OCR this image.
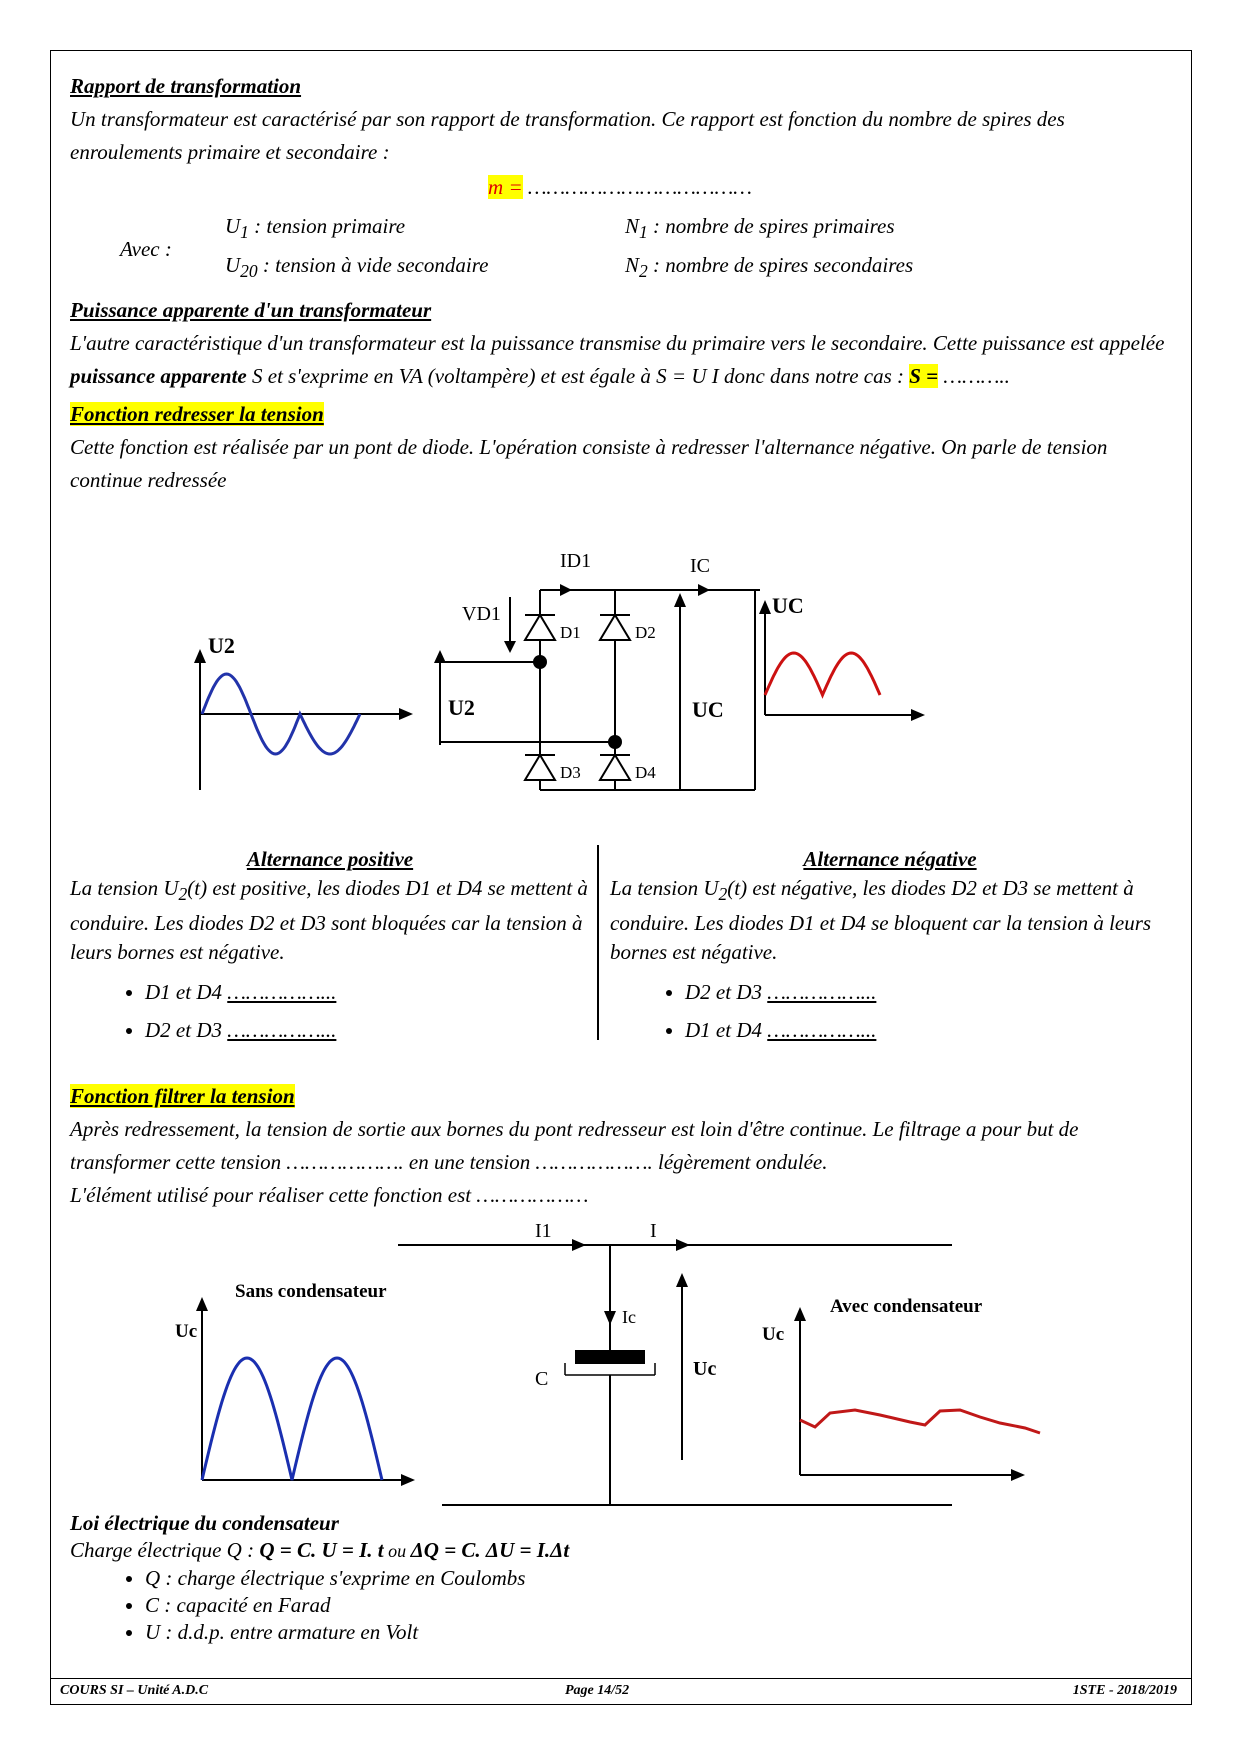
Rapport de transformation

Un transformateur est caractérisé par son rapport de transformation. Ce rapport est fonction du nombre de spires des enroulements primaire et secondaire :

m = ………………………………

Avec :
$U_1$ : tension primaire	$N_1$ : nombre de spires primaires
$U_{20}$ : tension à vide secondaire	$N_2$ : nombre de spires secondaires

Puissance apparente d'un transformateur

L'autre caractéristique d'un transformateur est la puissance transmise du primaire vers le secondaire. Cette puissance est appelée puissance apparente S et s'exprime en VA (voltampère) et est égale à S = U I donc dans notre cas : S = ………..

Fonction redresser la tension

Cette fonction est réalisée par un pont de diode. L'opération consiste à redresser l'alternance négative. On parle de tension continue redressée

U2
ID1	IC
VD1
D1	D2
D3	D4
U2	UC
UC
Alternance positive
La tension $U_2(t)$ est positive, les diodes D1 et D4 se mettent à conduire. Les diodes D2 et D3 sont bloquées car la tension à leurs bornes est négative.
• D1 et D4 ……………...
• D2 et D3 ……………...
Alternance négative
La tension $U_2(t)$ est négative, les diodes D2 et D3 se mettent à conduire. Les diodes D1 et D4 se bloquent car la tension à leurs bornes est négative.
• D2 et D3 ……………...
• D1 et D4 ……………...

Fonction filtrer la tension

Après redressement, la tension de sortie aux bornes du pont redresseur est loin d'être continue. Le filtrage a pour but de transformer cette tension ………………. en une tension ………………. légèrement ondulée.

L'élément utilisé pour réaliser cette fonction est ………………

I1	I
Ic
C	Uc
Sans condensateur
Uc
Avec condensateur
Uc

Loi électrique du condensateur

Charge électrique Q : Q = C. U = I. t ou ΔQ = C. ΔU = I.Δt

• Q : charge électrique s'exprime en Coulombs
• C : capacité en Farad
• U : d.d.p. entre armature en Volt
COURS SI – Unité A.D.C	Page 14/52	1STE - 2018/2019
